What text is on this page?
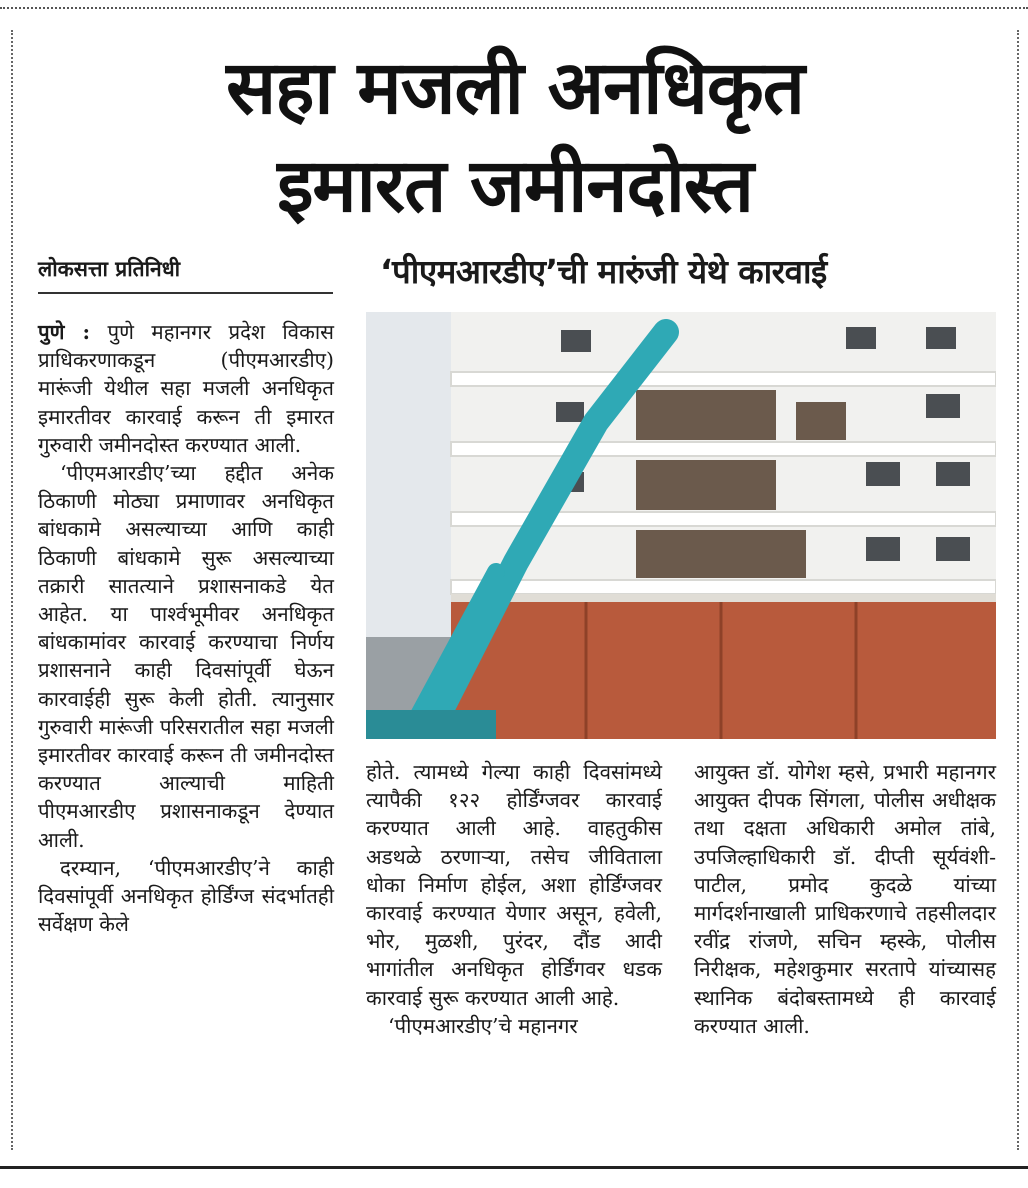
सहा मजली अनधिकृत
इमारत जमीनदोस्त

लोकसत्ता प्रतिनिधी	‘पीएमआरडीए’ची मारुंजी येथे कारवाई

पुणे : पुणे महानगर प्रदेश विकास प्राधिकरणाकडून (पीएमआरडीए) मारूंजी येथील सहा मजली अनधिकृत इमारतीवर कारवाई करून ती इमारत गुरुवारी जमीनदोस्त करण्यात आली.

‘पीएमआरडीए’च्या हद्दीत अनेक ठिकाणी मोठ्या प्रमाणावर अनधिकृत बांधकामे असल्याच्या आणि काही ठिकाणी बांधकामे सुरू असल्याच्या तक्रारी सातत्याने प्रशासनाकडे येत आहेत. या पार्श्वभूमीवर अनधिकृत बांधकामांवर कारवाई करण्याचा निर्णय प्रशासनाने काही दिवसांपूर्वी घेऊन कारवाईही सुरू केली होती. त्यानुसार गुरुवारी मारूंजी परिसरातील सहा मजली इमारतीवर कारवाई करून ती जमीनदोस्त करण्यात आल्याची माहिती पीएमआरडीए प्रशासनाकडून देण्यात आली.

दरम्यान, ‘पीएमआरडीए’ने काही दिवसांपूर्वी अनधिकृत होर्डिंग्ज संदर्भातही सर्वेक्षण केले

होते. त्यामध्ये गेल्या काही दिवसांमध्ये त्यापैकी १२२ होर्डिंग्जवर कारवाई करण्यात आली आहे. वाहतुकीस अडथळे ठरणाऱ्या, तसेच जीविताला धोका निर्माण होईल, अशा होर्डिंग्जवर कारवाई करण्यात येणार असून, हवेली, भोर, मुळशी, पुरंदर, दौंड आदी भागांतील अनधिकृत होर्डिंगवर धडक कारवाई सुरू करण्यात आली आहे.

‘पीएमआरडीए’चे महानगर

आयुक्त डॉ. योगेश म्हसे, प्रभारी महानगर आयुक्त दीपक सिंगला, पोलीस अधीक्षक तथा दक्षता अधिकारी अमोल तांबे, उपजिल्हाधिकारी डॉ. दीप्ती सूर्यवंशी-पाटील, प्रमोद कुदळे यांच्या मार्गदर्शनाखाली प्राधिकरणाचे तहसीलदार रवींद्र रांजणे, सचिन म्हस्के, पोलीस निरीक्षक, महेशकुमार सरतापे यांच्यासह स्थानिक बंदोबस्तामध्ये ही कारवाई करण्यात आली.
